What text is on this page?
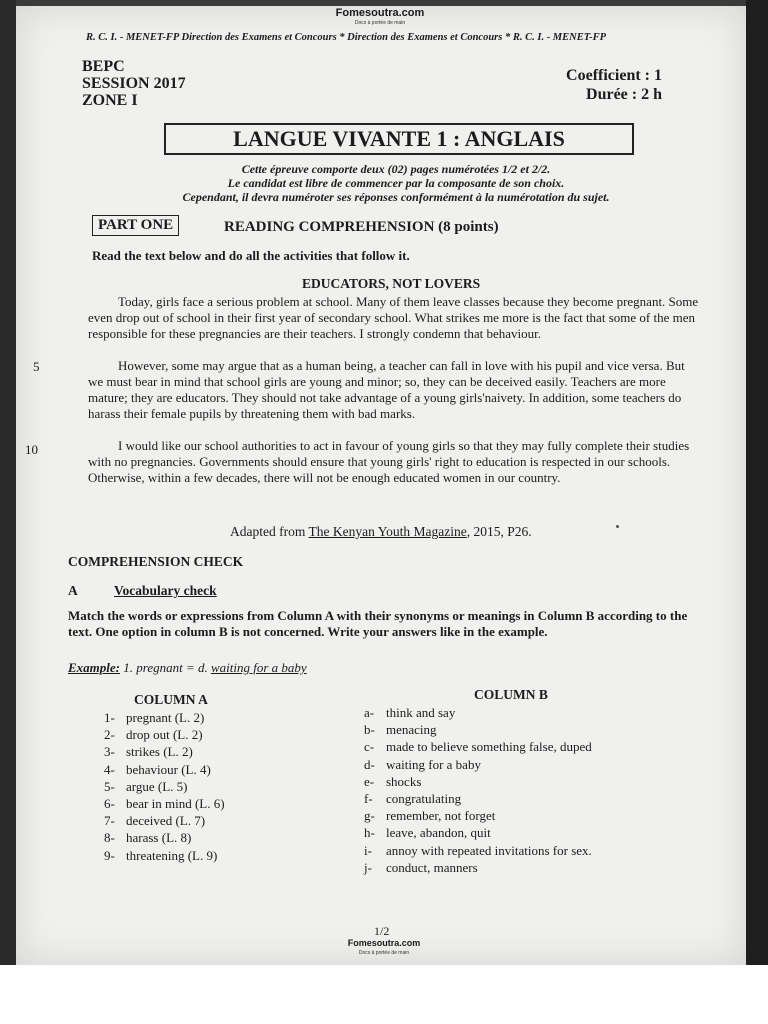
Fomesoutra.com
Docs à portée de main
R. C. I. - MENET-FP Direction des Examens et Concours * Direction des Examens et Concours * R. C. I. - MENET-FP
BEPC
SESSION 2017
ZONE I
Coefficient : 1
Durée : 2 h
LANGUE VIVANTE 1 : ANGLAIS
Cette épreuve comporte deux (02) pages numérotées 1/2 et 2/2.
Le candidat est libre de commencer par la composante de son choix.
Cependant, il devra numéroter ses réponses conformément à la numérotation du sujet.
PART ONE	READING COMPREHENSION (8 points)
Read the text below and do all the activities that follow it.
EDUCATORS, NOT LOVERS
Today, girls face a serious problem at school. Many of them leave classes because they become pregnant. Some even drop out of school in their first year of secondary school. What strikes me more is the fact that some of the men responsible for these pregnancies are their teachers. I strongly condemn that behaviour.
However, some may argue that as a human being, a teacher can fall in love with his pupil and vice versa. But we must bear in mind that school girls are young and minor; so, they can be deceived easily. Teachers are more mature; they are educators. They should not take advantage of a young girls'naivety. In addition, some teachers do harass their female pupils by threatening them with bad marks.
I would like our school authorities to act in favour of young girls so that they may fully complete their studies with no pregnancies. Governments should ensure that young girls' right to education is respected in our schools. Otherwise, within a few decades, there will not be enough educated women in our country.
5
10
Adapted from The Kenyan Youth Magazine, 2015, P26.
COMPREHENSION CHECK
A	Vocabulary check
Match the words or expressions from Column A with their synonyms or meanings in Column B according to the text. One option in column B is not concerned. Write your answers like in the example.
Example: 1. pregnant = d. waiting for a baby
COLUMN A
1- pregnant (L. 2)
2- drop out (L. 2)
3- strikes (L. 2)
4- behaviour (L. 4)
5- argue (L. 5)
6- bear in mind (L. 6)
7- deceived (L. 7)
8- harass (L. 8)
9- threatening (L. 9)
COLUMN B
a- think and say
b- menacing
c- made to believe something false, duped
d- waiting for a baby
e- shocks
f- congratulating
g- remember, not forget
h- leave, abandon, quit
i- annoy with repeated invitations for sex.
j- conduct, manners
1/2
Fomesoutra.com
Docs à portée de main
